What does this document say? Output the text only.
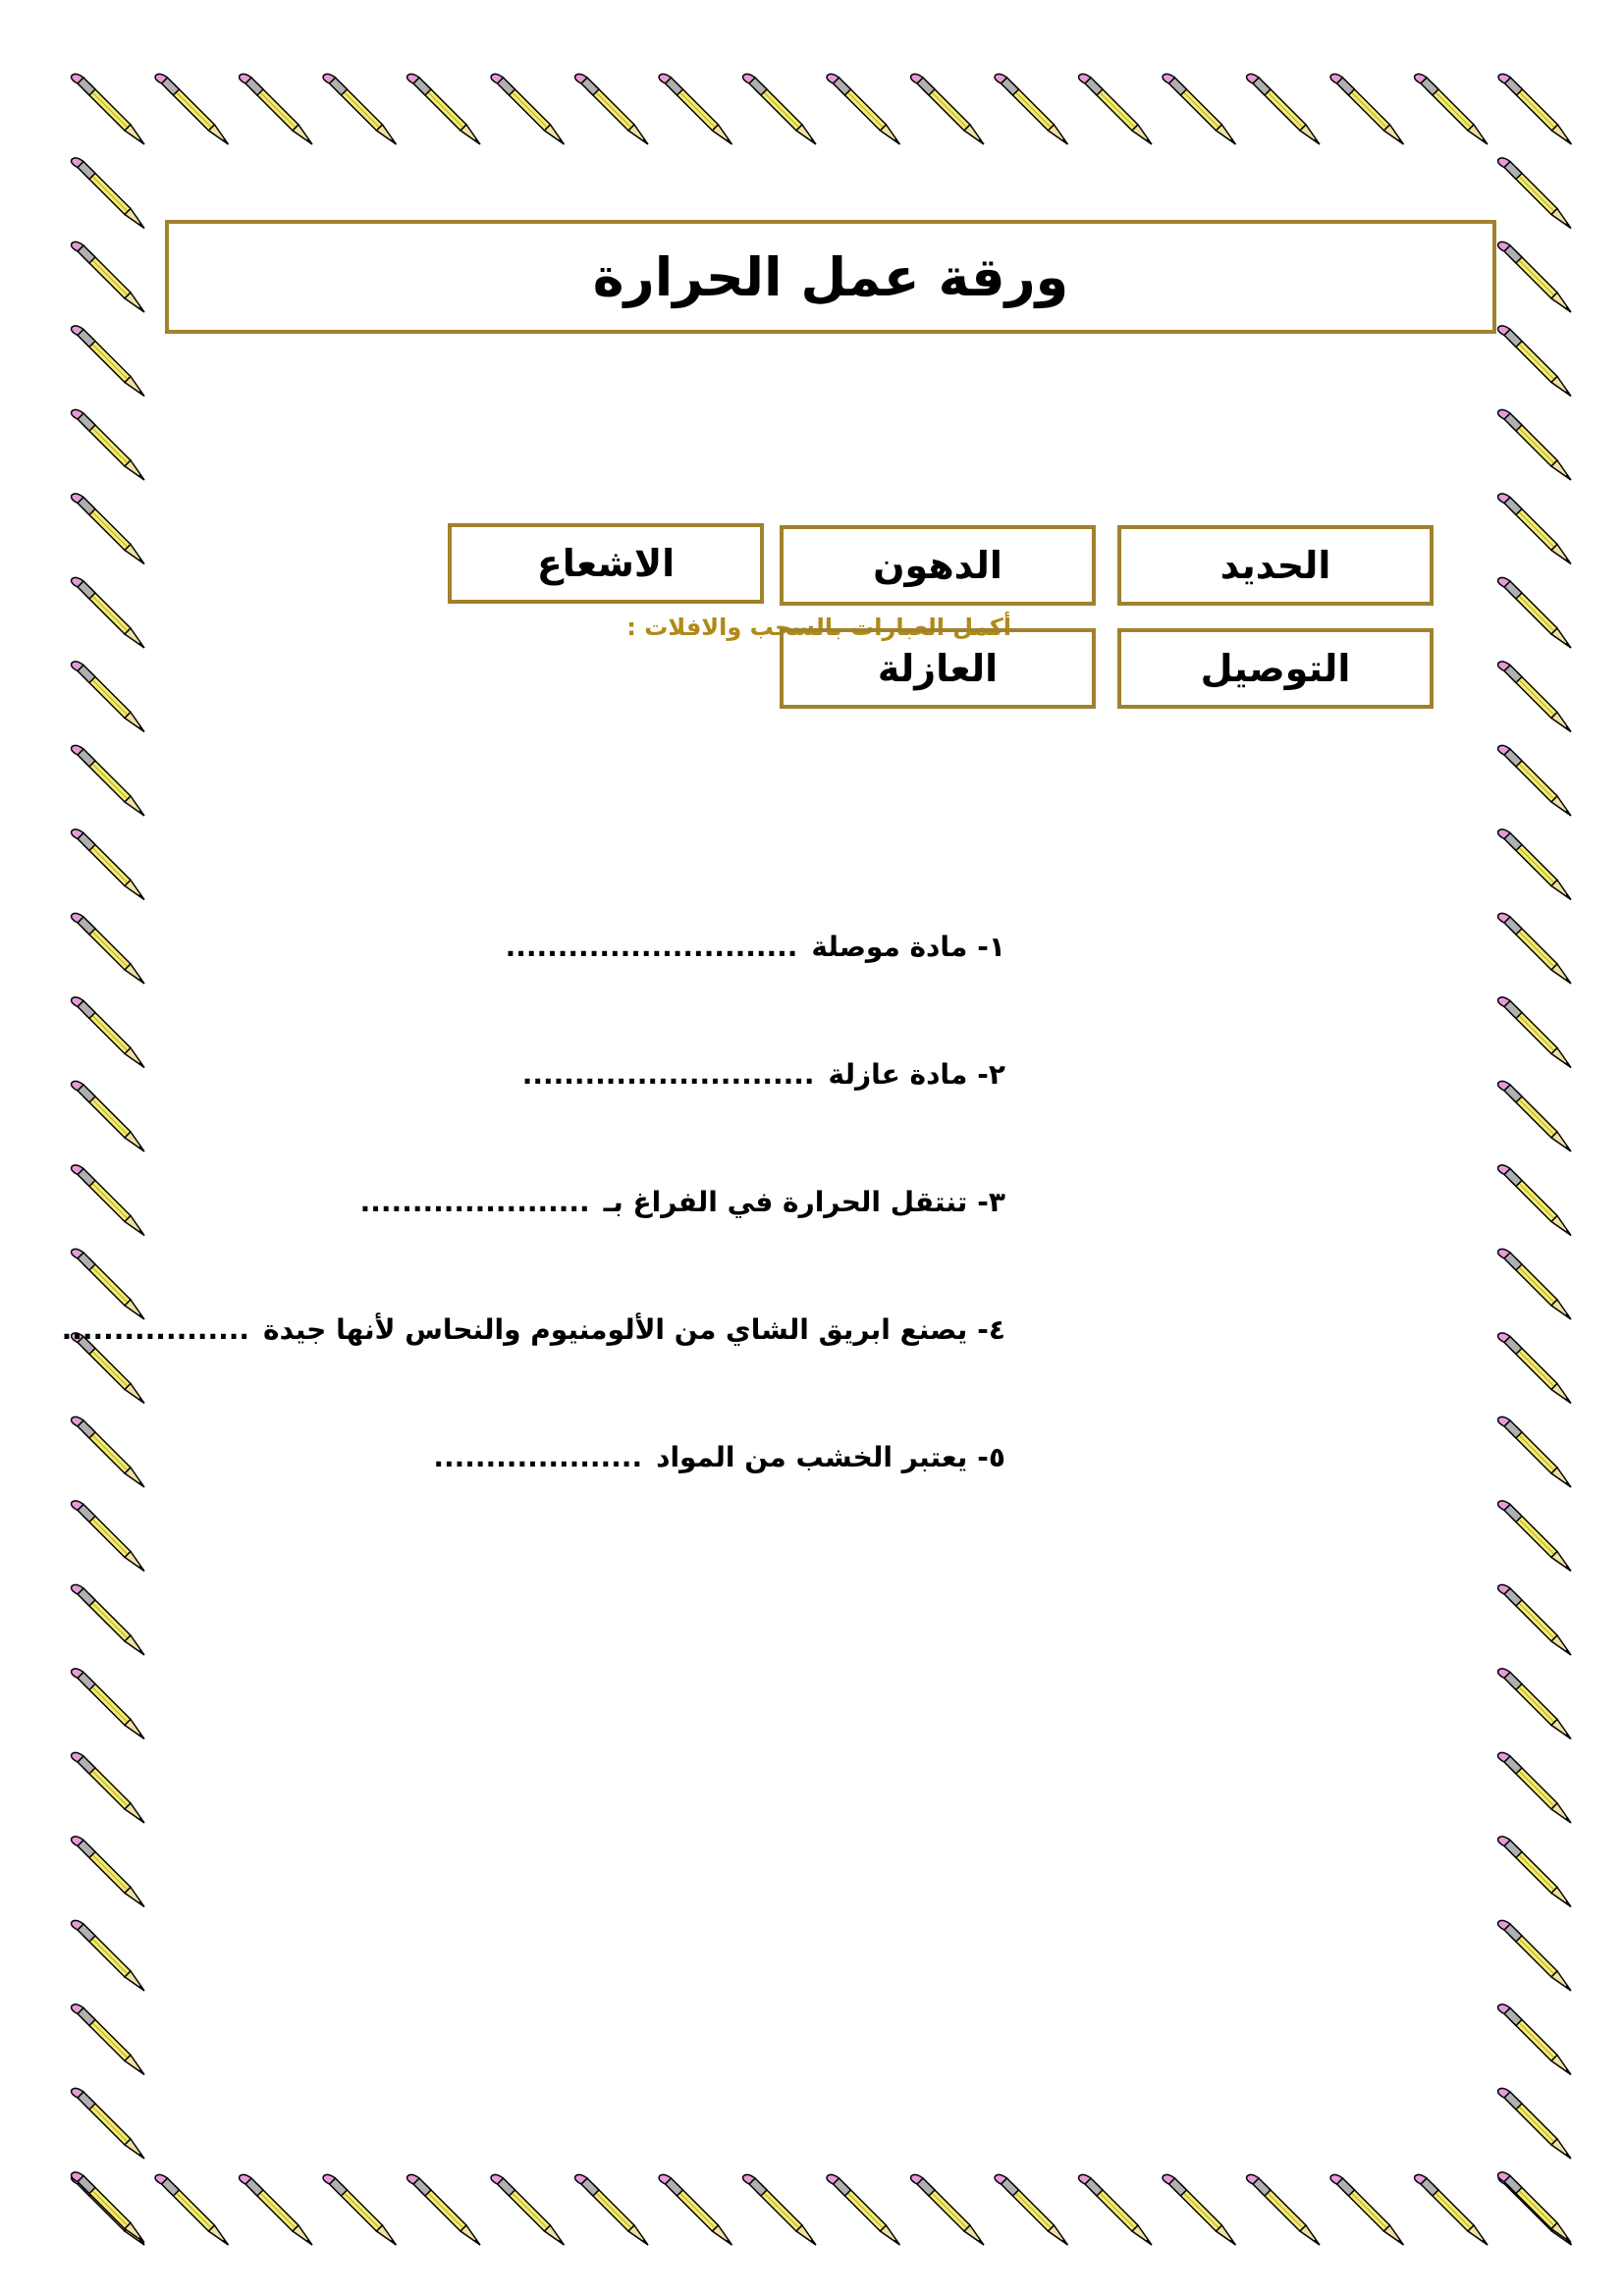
ورقة عمل الحرارة
الحديد
الدهون
أكمل العبارات بالسحب والافلات :
الاشعاع
التوصيل
العازلة
١-مادة موصلة............................
٢-مادة عازلة............................
٣-تنتقل الحرارة في الفراغ بـ......................
٤-يصنع ابريق الشاي من الألومنيوم والنحاس لأنها جيدة..................
٥-يعتبر الخشب من المواد....................
